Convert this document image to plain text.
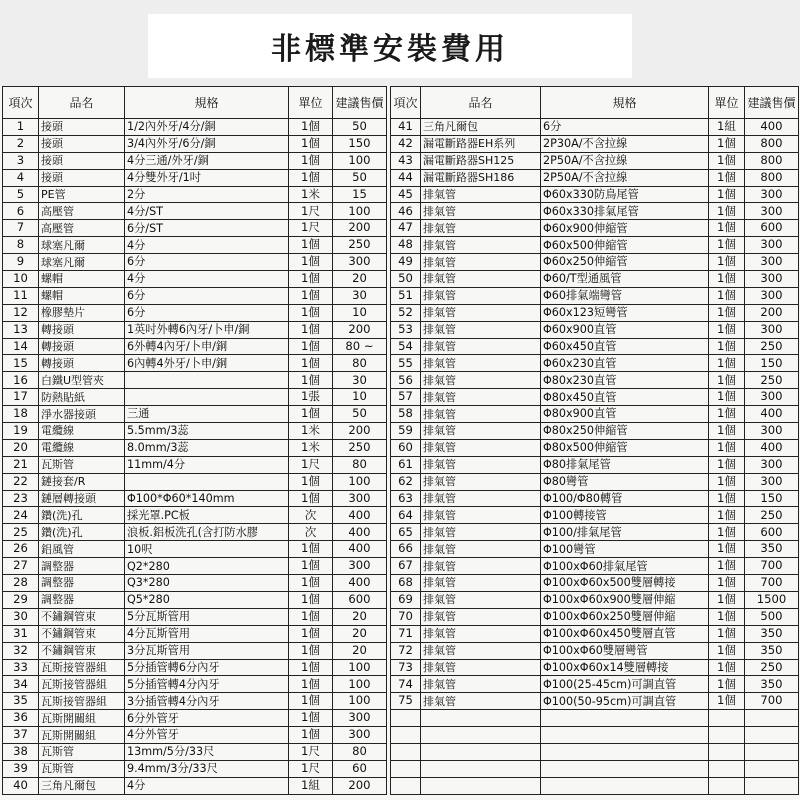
非標準安裝費用
項次	品名	規格	單位	建議售價
1	接頭	1/2內外牙/4分/銅	1個	50
2	接頭	3/4內外牙/6分/銅	1個	150
3	接頭	4分三通/外牙/銅	1個	100
4	接頭	4分雙外牙/1吋	1個	50
5	PE管	2分	1米	15
6	高壓管	4分/ST	1尺	100
7	高壓管	6分/ST	1尺	200
8	球塞凡爾	4分	1個	250
9	球塞凡爾	6分	1個	300
10	螺帽	4分	1個	20
11	螺帽	6分	1個	30
12	橡膠墊片	6分	1個	10
13	轉接頭	1英吋外轉6內牙/卜申/銅	1個	200
14	轉接頭	6外轉4內牙/卜申/銅	1個	80 ~
15	轉接頭	6內轉4外牙/卜申/銅	1個	80
16	白鐵U型管夾		1個	30
17	防熱貼紙		1張	10
18	淨水器接頭	三通	1個	50
19	電纜線	5.5mm/3蕊	1米	200
20	電纜線	8.0mm/3蕊	1米	250
21	瓦斯管	11mm/4分	1尺	80
22	鏈接套/R		1個	100
23	鏈層轉接頭	Φ100*Φ60*140mm	1個	300
24	鑽(洗)孔	採光罩.PC板	次	400
25	鑽(洗)孔	浪板.鋁板洗孔(含打防水膠	次	400
26	鋁風管	10呎	1個	400
27	調整器	Q2*280	1個	300
28	調整器	Q3*280	1個	400
29	調整器	Q5*280	1個	600
30	不鏽鋼管束	5分瓦斯管用	1個	20
31	不鏽鋼管束	4分瓦斯管用	1個	20
32	不鏽鋼管束	3分瓦斯管用	1個	20
33	瓦斯接管器組	5分插管轉6分內牙	1個	100
34	瓦斯接管器組	5分插管轉4分內牙	1個	100
35	瓦斯接管器組	3分插管轉4分內牙	1個	100
36	瓦斯開關組	6分外管牙	1個	300
37	瓦斯開關組	4分外管牙	1個	300
38	瓦斯管	13mm/5分/33尺	1尺	80
39	瓦斯管	9.4mm/3分/33尺	1尺	60
40	三角凡爾包	4分	1組	200
項次	品名	規格	單位	建議售價
41	三角凡爾包	6分	1組	400
42	漏電斷路器EH系列	2P30A/不含拉線	1個	800
43	漏電斷路器SH125	2P50A/不含拉線	1個	800
44	漏電斷路器SH186	2P50A/不含拉線	1個	800
45	排氣管	Φ60x330防鳥尾管	1個	300
46	排氣管	Φ60x330排氣尾管	1個	300
47	排氣管	Φ60x900伸縮管	1個	600
48	排氣管	Φ60x500伸縮管	1個	300
49	排氣管	Φ60x250伸縮管	1個	300
50	排氣管	Φ60/T型通風管	1個	300
51	排氣管	Φ60排氣端彎管	1個	300
52	排氣管	Φ60x123短彎管	1個	200
53	排氣管	Φ60x900直管	1個	300
54	排氣管	Φ60x450直管	1個	250
55	排氣管	Φ60x230直管	1個	150
56	排氣管	Φ80x230直管	1個	250
57	排氣管	Φ80x450直管	1個	300
58	排氣管	Φ80x900直管	1個	400
59	排氣管	Φ80x250伸縮管	1個	300
60	排氣管	Φ80x500伸縮管	1個	400
61	排氣管	Φ80排氣尾管	1個	300
62	排氣管	Φ80彎管	1個	300
63	排氣管	Φ100/Φ80轉管	1個	150
64	排氣管	Φ100轉接管	1個	250
65	排氣管	Φ100/排氣尾管	1個	600
66	排氣管	Φ100彎管	1個	350
67	排氣管	Φ100xΦ60排氣尾管	1個	700
68	排氣管	Φ100xΦ60x500雙層轉接	1個	700
69	排氣管	Φ100xΦ60x900雙層伸縮	1個	1500
70	排氣管	Φ100xΦ60x250雙層伸縮	1個	500
71	排氣管	Φ100xΦ60x450雙層直管	1個	350
72	排氣管	Φ100xΦ60雙層彎管	1個	350
73	排氣管	Φ100xΦ60x14雙層轉接	1個	250
74	排氣管	Φ100(25-45cm)可調直管	1個	350
75	排氣管	Φ100(50-95cm)可調直管	1個	700
